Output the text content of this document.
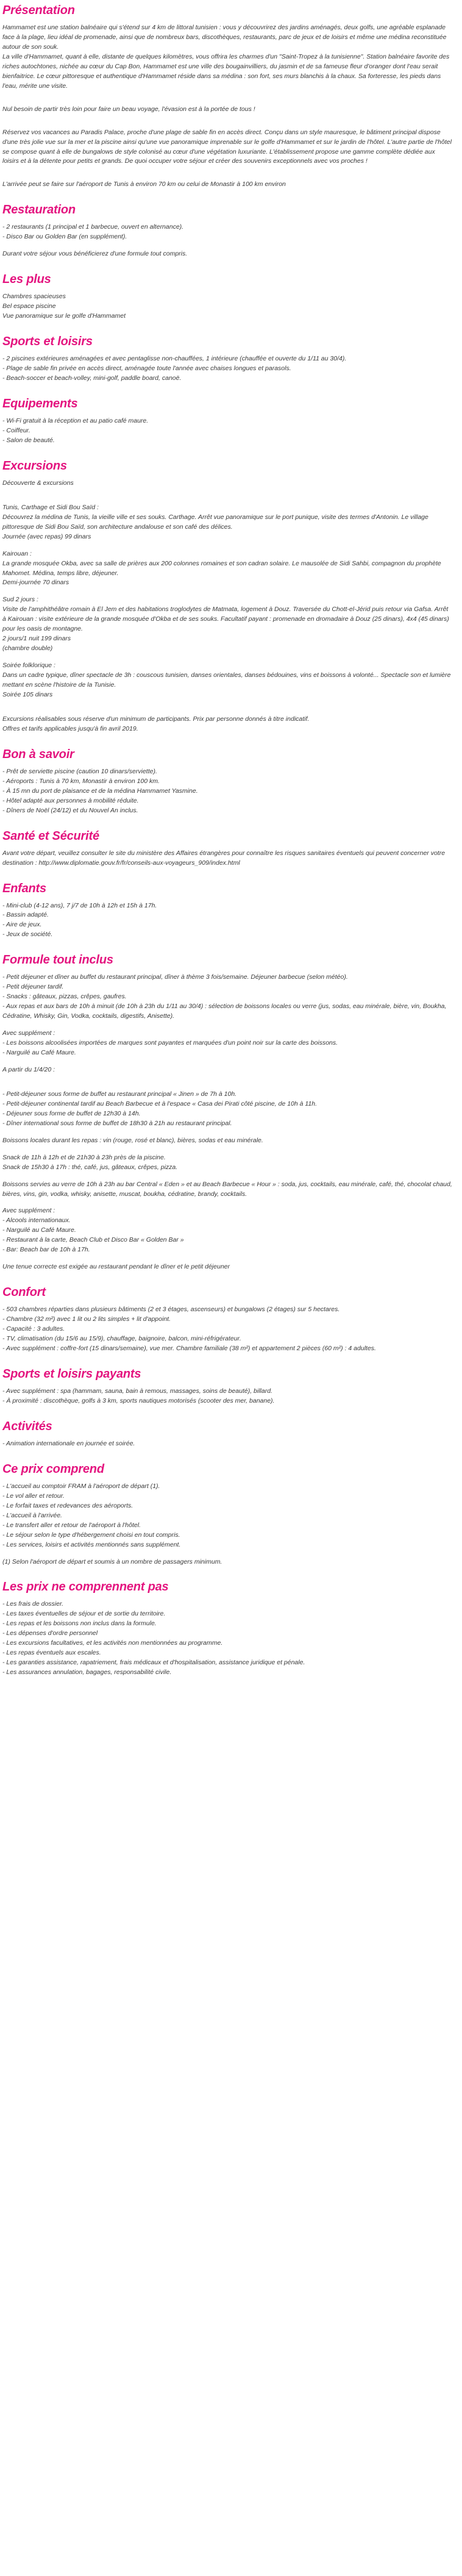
Présentation

Hammamet est une station balnéaire qui s'étend sur 4 km de littoral tunisien : vous y découvrirez des jardins aménagés, deux golfs, une agréable esplanade face à la plage, lieu idéal de promenade, ainsi que de nombreux bars, discothèques, restaurants, parc de jeux et de loisirs et même une médina reconstituée autour de son souk.

La ville d'Hammamet, quant à elle, distante de quelques kilomètres, vous offrira les charmes d'un "Saint-Tropez à la tunisienne". Station balnéaire favorite des riches autochtones, nichée au cœur du Cap Bon, Hammamet est une ville des bougainvilliers, du jasmin et de sa fameuse fleur d'oranger dont l'eau serait bienfaitrice. Le cœur pittoresque et authentique d'Hammamet réside dans sa médina : son fort, ses murs blanchis à la chaux. Sa forteresse, les pieds dans l'eau, mérite une visite.

Nul besoin de partir très loin pour faire un beau voyage, l'évasion est à la portée de tous !

Réservez vos vacances au Paradis Palace, proche d'une plage de sable fin en accès direct. Conçu dans un style mauresque, le bâtiment principal dispose d'une très jolie vue sur la mer et la piscine ainsi qu'une vue panoramique imprenable sur le golfe d'Hammamet et sur le jardin de l'hôtel. L'autre partie de l'hôtel se compose quant à elle de bungalows de style colonisé au cœur d'une végétation luxuriante. L'établissement propose une gamme complète dédiée aux loisirs et à la détente pour petits et grands. De quoi occuper votre séjour et créer des souvenirs exceptionnels avec vos proches !

L'arrivée peut se faire sur l'aéroport de Tunis à environ 70 km ou celui de Monastir à 100 km environ

Restauration
- 2 restaurants (1 principal et 1 barbecue, ouvert en alternance).
- Disco Bar ou Golden Bar (en supplément).
Durant votre séjour vous bénéficierez d'une formule tout compris.
Les plus
Chambres spacieuses
Bel espace piscine
Vue panoramique sur le golfe d'Hammamet
Sports et loisirs
- 2 piscines extérieures aménagées et avec pentaglisse non-chauffées, 1 intérieure (chauffée et ouverte du 1/11 au 30/4).
- Plage de sable fin privée en accès direct, aménagée toute l'année avec chaises longues et parasols.
- Beach-soccer et beach-volley, mini-golf, paddle board, canoë.
Equipements
- Wi-Fi gratuit à la réception et au patio café maure.
- Coiffeur.
- Salon de beauté.
Excursions
Découverte & excursions
Tunis, Carthage et Sidi Bou Saïd :
Découvrez la médina de Tunis, la vieille ville et ses souks. Carthage. Arrêt vue panoramique sur le port punique, visite des termes d'Antonin. Le village pittoresque de Sidi Bou Saïd, son architecture andalouse et son café des délices.
Journée (avec repas) 99 dinars
Kairouan :
La grande mosquée Okba, avec sa salle de prières aux 200 colonnes romaines et son cadran solaire. Le mausolée de Sidi Sahbi, compagnon du prophète
Mahomet. Médina, temps libre, déjeuner.
Demi-journée 70 dinars
Sud 2 jours :
Visite de l'amphithéâtre romain à El Jem et des habitations troglodytes de Matmata, logement à Douz. Traversée du Chott-el-Jérid puis retour via Gafsa. Arrêt à Kairouan : visite extérieure de la grande mosquée d'Okba et de ses souks. Facultatif payant : promenade en dromadaire à Douz (25 dinars), 4x4 (45 dinars) pour les oasis de montagne.
2 jours/1 nuit 199 dinars
(chambre double)
Soirée folklorique :
Dans un cadre typique, dîner spectacle de 3h : couscous tunisien, danses orientales, danses bédouines, vins et boissons à volonté... Spectacle son et lumière
mettant en scène l'histoire de la Tunisie.
Soirée 105 dinars
Excursions réalisables sous réserve d'un minimum de participants. Prix par personne donnés à titre indicatif.
Offres et tarifs applicables jusqu'à fin avril 2019.
Bon à savoir
- Prêt de serviette piscine (caution 10 dinars/serviette).
- Aéroports : Tunis à 70 km, Monastir à environ 100 km.
- À 15 mn du port de plaisance et de la médina Hammamet Yasmine.
- Hôtel adapté aux personnes à mobilité réduite.
- Dîners de Noël (24/12) et du Nouvel An inclus.
Santé et Sécurité

Avant votre départ, veuillez consulter le site du ministère des Affaires étrangères pour connaître les risques sanitaires éventuels qui peuvent concerner votre destination : http://www.diplomatie.gouv.fr/fr/conseils-aux-voyageurs_909/index.html

Enfants
- Mini-club (4-12 ans), 7 j/7 de 10h à 12h et 15h à 17h.
- Bassin adapté.
- Aire de jeux.
- Jeux de société.
Formule tout inclus
- Petit déjeuner et dîner au buffet du restaurant principal, dîner à thème 3 fois/semaine. Déjeuner barbecue (selon météo).
- Petit déjeuner tardif.
- Snacks : gâteaux, pizzas, crêpes, gaufres.
- Aux repas et aux bars de 10h à minuit (de 10h à 23h du 1/11 au 30/4) : sélection de boissons locales ou verre (jus, sodas, eau minérale, bière, vin, Boukha, Cédratine, Whisky, Gin, Vodka, cocktails, digestifs, Anisette).
Avec supplément :
- Les boissons alcoolisées importées de marques sont payantes et marquées d'un point noir sur la carte des boissons.
- Narguilé au Café Maure.
A partir du 1/4/20 :
- Petit-déjeuner sous forme de buffet au restaurant principal « Jinen » de 7h à 10h.
- Petit-déjeuner continental tardif au Beach Barbecue et à l'espace « Casa dei Pirati côté piscine, de 10h à 11h.
- Déjeuner sous forme de buffet de 12h30 à 14h.
- Dîner international sous forme de buffet de 18h30 à 21h au restaurant principal.
Boissons locales durant les repas : vin (rouge, rosé et blanc), bières, sodas et eau minérale.
Snack de 11h à 12h et de 21h30 à 23h près de la piscine.
Snack de 15h30 à 17h : thé, café, jus, gâteaux, crêpes, pizza.
Boissons servies au verre de 10h à 23h au bar Central « Eden » et au Beach Barbecue « Hour » : soda, jus, cocktails, eau minérale, café, thé, chocolat chaud, bières, vins, gin, vodka, whisky, anisette, muscat, boukha, cédratine, brandy, cocktails.
Avec supplément :
- Alcools internationaux.
- Narguilé au Café Maure.
- Restaurant à la carte, Beach Club et Disco Bar « Golden Bar »
- Bar: Beach bar de 10h à 17h.
Une tenue correcte est exigée au restaurant pendant le dîner et le petit déjeuner
Confort
- 503 chambres réparties dans plusieurs bâtiments (2 et 3 étages, ascenseurs) et bungalows (2 étages) sur 5 hectares.
- Chambre (32 m²) avec 1 lit ou 2 lits simples + lit d'appoint.
- Capacité : 3 adultes.
- TV, climatisation (du 15/6 au 15/9), chauffage, baignoire, balcon, mini-réfrigérateur.
- Avec supplément : coffre-fort (15 dinars/semaine), vue mer. Chambre familiale (38 m²) et appartement 2 pièces (60 m²) : 4 adultes.
Sports et loisirs payants
- Avec supplément : spa (hammam, sauna, bain à remous, massages, soins de beauté), billard.
- À proximité : discothèque, golfs à 3 km, sports nautiques motorisés (scooter des mer, banane).
Activités
- Animation internationale en journée et soirée.
Ce prix comprend
- L'accueil au comptoir FRAM à l'aéroport de départ (1).
- Le vol aller et retour.
- Le forfait taxes et redevances des aéroports.
- L'accueil à l'arrivée.
- Le transfert aller et retour de l'aéroport à l'hôtel.
- Le séjour selon le type d'hébergement choisi en tout compris.
- Les services, loisirs et activités mentionnés sans supplément.
(1) Selon l'aéroport de départ et soumis à un nombre de passagers minimum.
Les prix ne comprennent pas
- Les frais de dossier.
- Les taxes éventuelles de séjour et de sortie du territoire.
- Les repas et les boissons non inclus dans la formule.
- Les dépenses d'ordre personnel
- Les excursions facultatives, et les activités non mentionnées au programme.
- Les repas éventuels aux escales.
- Les garanties assistance, rapatriement, frais médicaux et d'hospitalisation, assistance juridique et pénale.
- Les assurances annulation, bagages, responsabilité civile.
